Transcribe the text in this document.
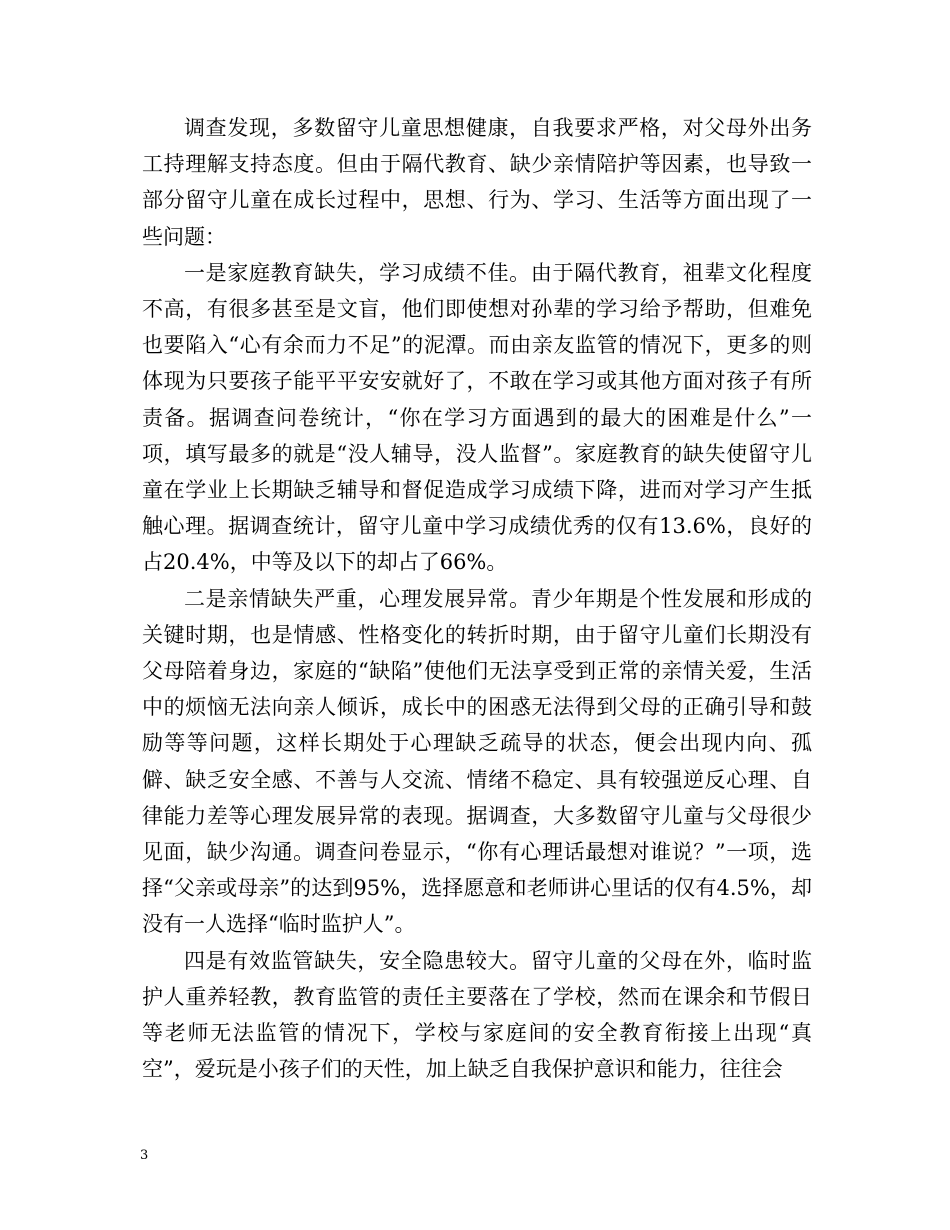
调查发现，多数留守儿童思想健康，自我要求严格，对父母外出务工持理解支持态度。但由于隔代教育、缺少亲情陪护等因素，也导致一部分留守儿童在成长过程中，思想、行为、学习、生活等方面出现了一些问题：

一是家庭教育缺失，学习成绩不佳。由于隔代教育，祖辈文化程度不高，有很多甚至是文盲，他们即使想对孙辈的学习给予帮助，但难免也要陷入“心有余而力不足”的泥潭。而由亲友监管的情况下，更多的则体现为只要孩子能平平安安就好了，不敢在学习或其他方面对孩子有所责备。据调查问卷统计，“你在学习方面遇到的最大的困难是什么”一项，填写最多的就是“没人辅导，没人监督”。家庭教育的缺失使留守儿童在学业上长期缺乏辅导和督促造成学习成绩下降，进而对学习产生抵触心理。据调查统计，留守儿童中学习成绩优秀的仅有13.6%，良好的占20.4%，中等及以下的却占了66%。

二是亲情缺失严重，心理发展异常。青少年期是个性发展和形成的关键时期，也是情感、性格变化的转折时期，由于留守儿童们长期没有父母陪着身边，家庭的“缺陷”使他们无法享受到正常的亲情关爱，生活中的烦恼无法向亲人倾诉，成长中的困惑无法得到父母的正确引导和鼓励等等问题，这样长期处于心理缺乏疏导的状态，便会出现内向、孤僻、缺乏安全感、不善与人交流、情绪不稳定、具有较强逆反心理、自律能力差等心理发展异常的表现。据调查，大多数留守儿童与父母很少见面，缺少沟通。调查问卷显示，“你有心理话最想对谁说？”一项，选择“父亲或母亲”的达到95%，选择愿意和老师讲心里话的仅有4.5%，却没有一人选择“临时监护人”。

四是有效监管缺失，安全隐患较大。留守儿童的父母在外，临时监护人重养轻教，教育监管的责任主要落在了学校，然而在课余和节假日等老师无法监管的情况下，学校与家庭间的安全教育衔接上出现“真空”，爱玩是小孩子们的天性，加上缺乏自我保护意识和能力，往往会

3
